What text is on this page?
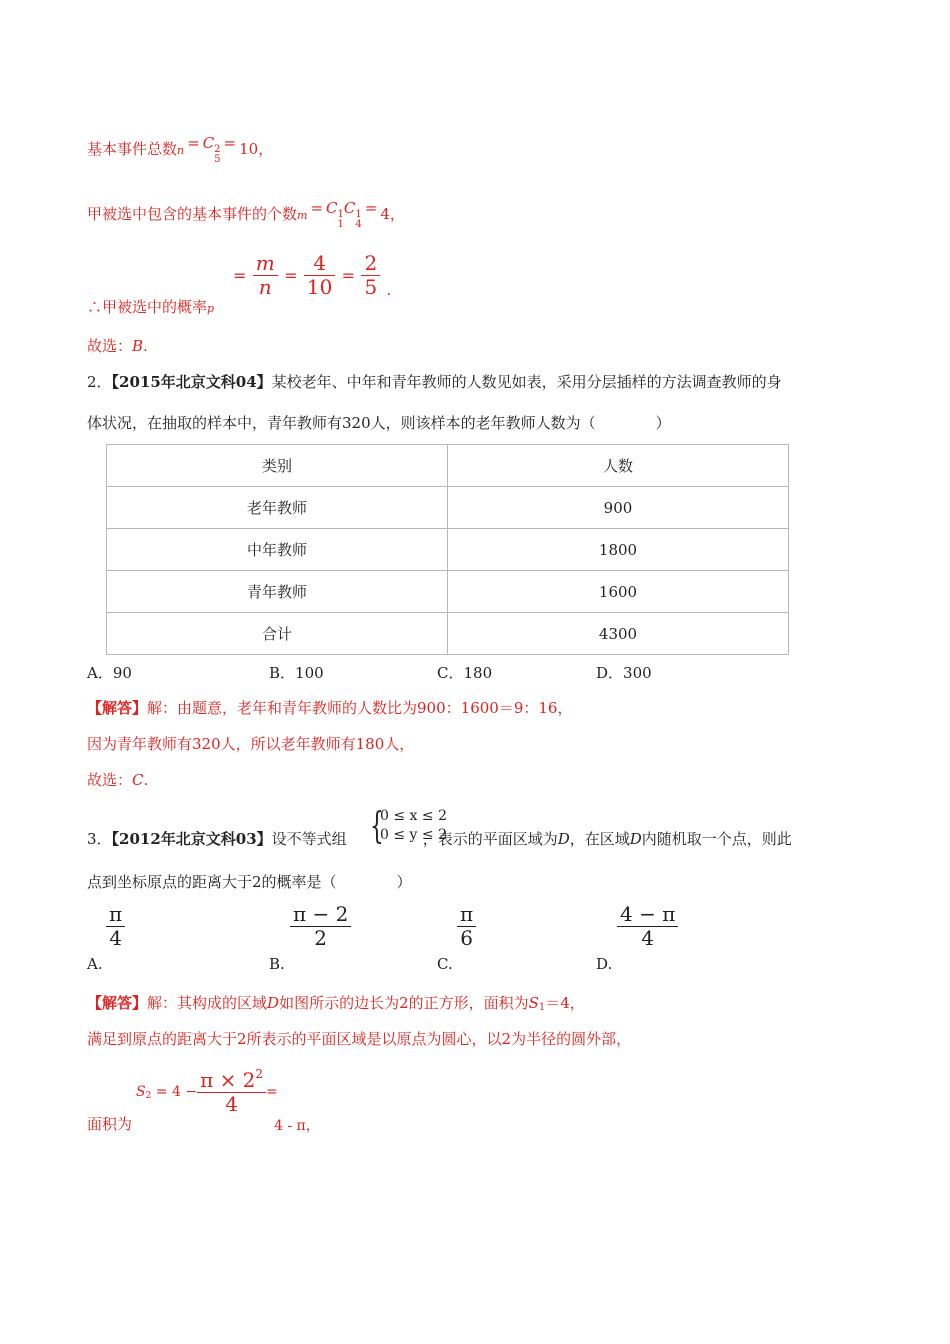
基本事件总数n = C 2
5
= 10，
甲被选中包含的基本事件的个数m = C 1
1
C 1
4
= 4，
∴甲被选中的概率p
= $\frac{m}{n} = \frac{4}{10} = \frac{2}{5} _.$
故选：B.
2．【2015年北京文科04】某校老年、中年和青年教师的人数见如表，采用分层插样的方法调查教师的身
体状况，在抽取的样本中，青年教师有320人，则该样本的老年教师人数为（　　　　）
类别	人数
老年教师	900
中年教师	1800
青年教师	1600
合计	4300
A．90	B．100	C．180	D．300
【解答】解：由题意，老年和青年教师的人数比为900：1600＝9：16，
因为青年教师有320人，所以老年教师有180人，
故选：C.
3．【2012年北京文科03】设不等式组	，表示的平面区域为D，在区域D内随机取一个点，则此
{
0 ≤ x ≤ 2
0 ≤ y ≤ 2
点到坐标原点的距离大于2的概率是（　　　　）
A.
π
4
B.
π − 2
2
C.
π
6
D.
4 − π
4
【解答】解：其构成的区域D如图所示的边长为2的正方形，面积为S1＝4，
满足到原点的距离大于2所表示的平面区域是以原点为圆心，以2为半径的圆外部，
面积为
$S2 = 4 - \frac{\pi \times 2^2}{4}$ =
4 - π，
